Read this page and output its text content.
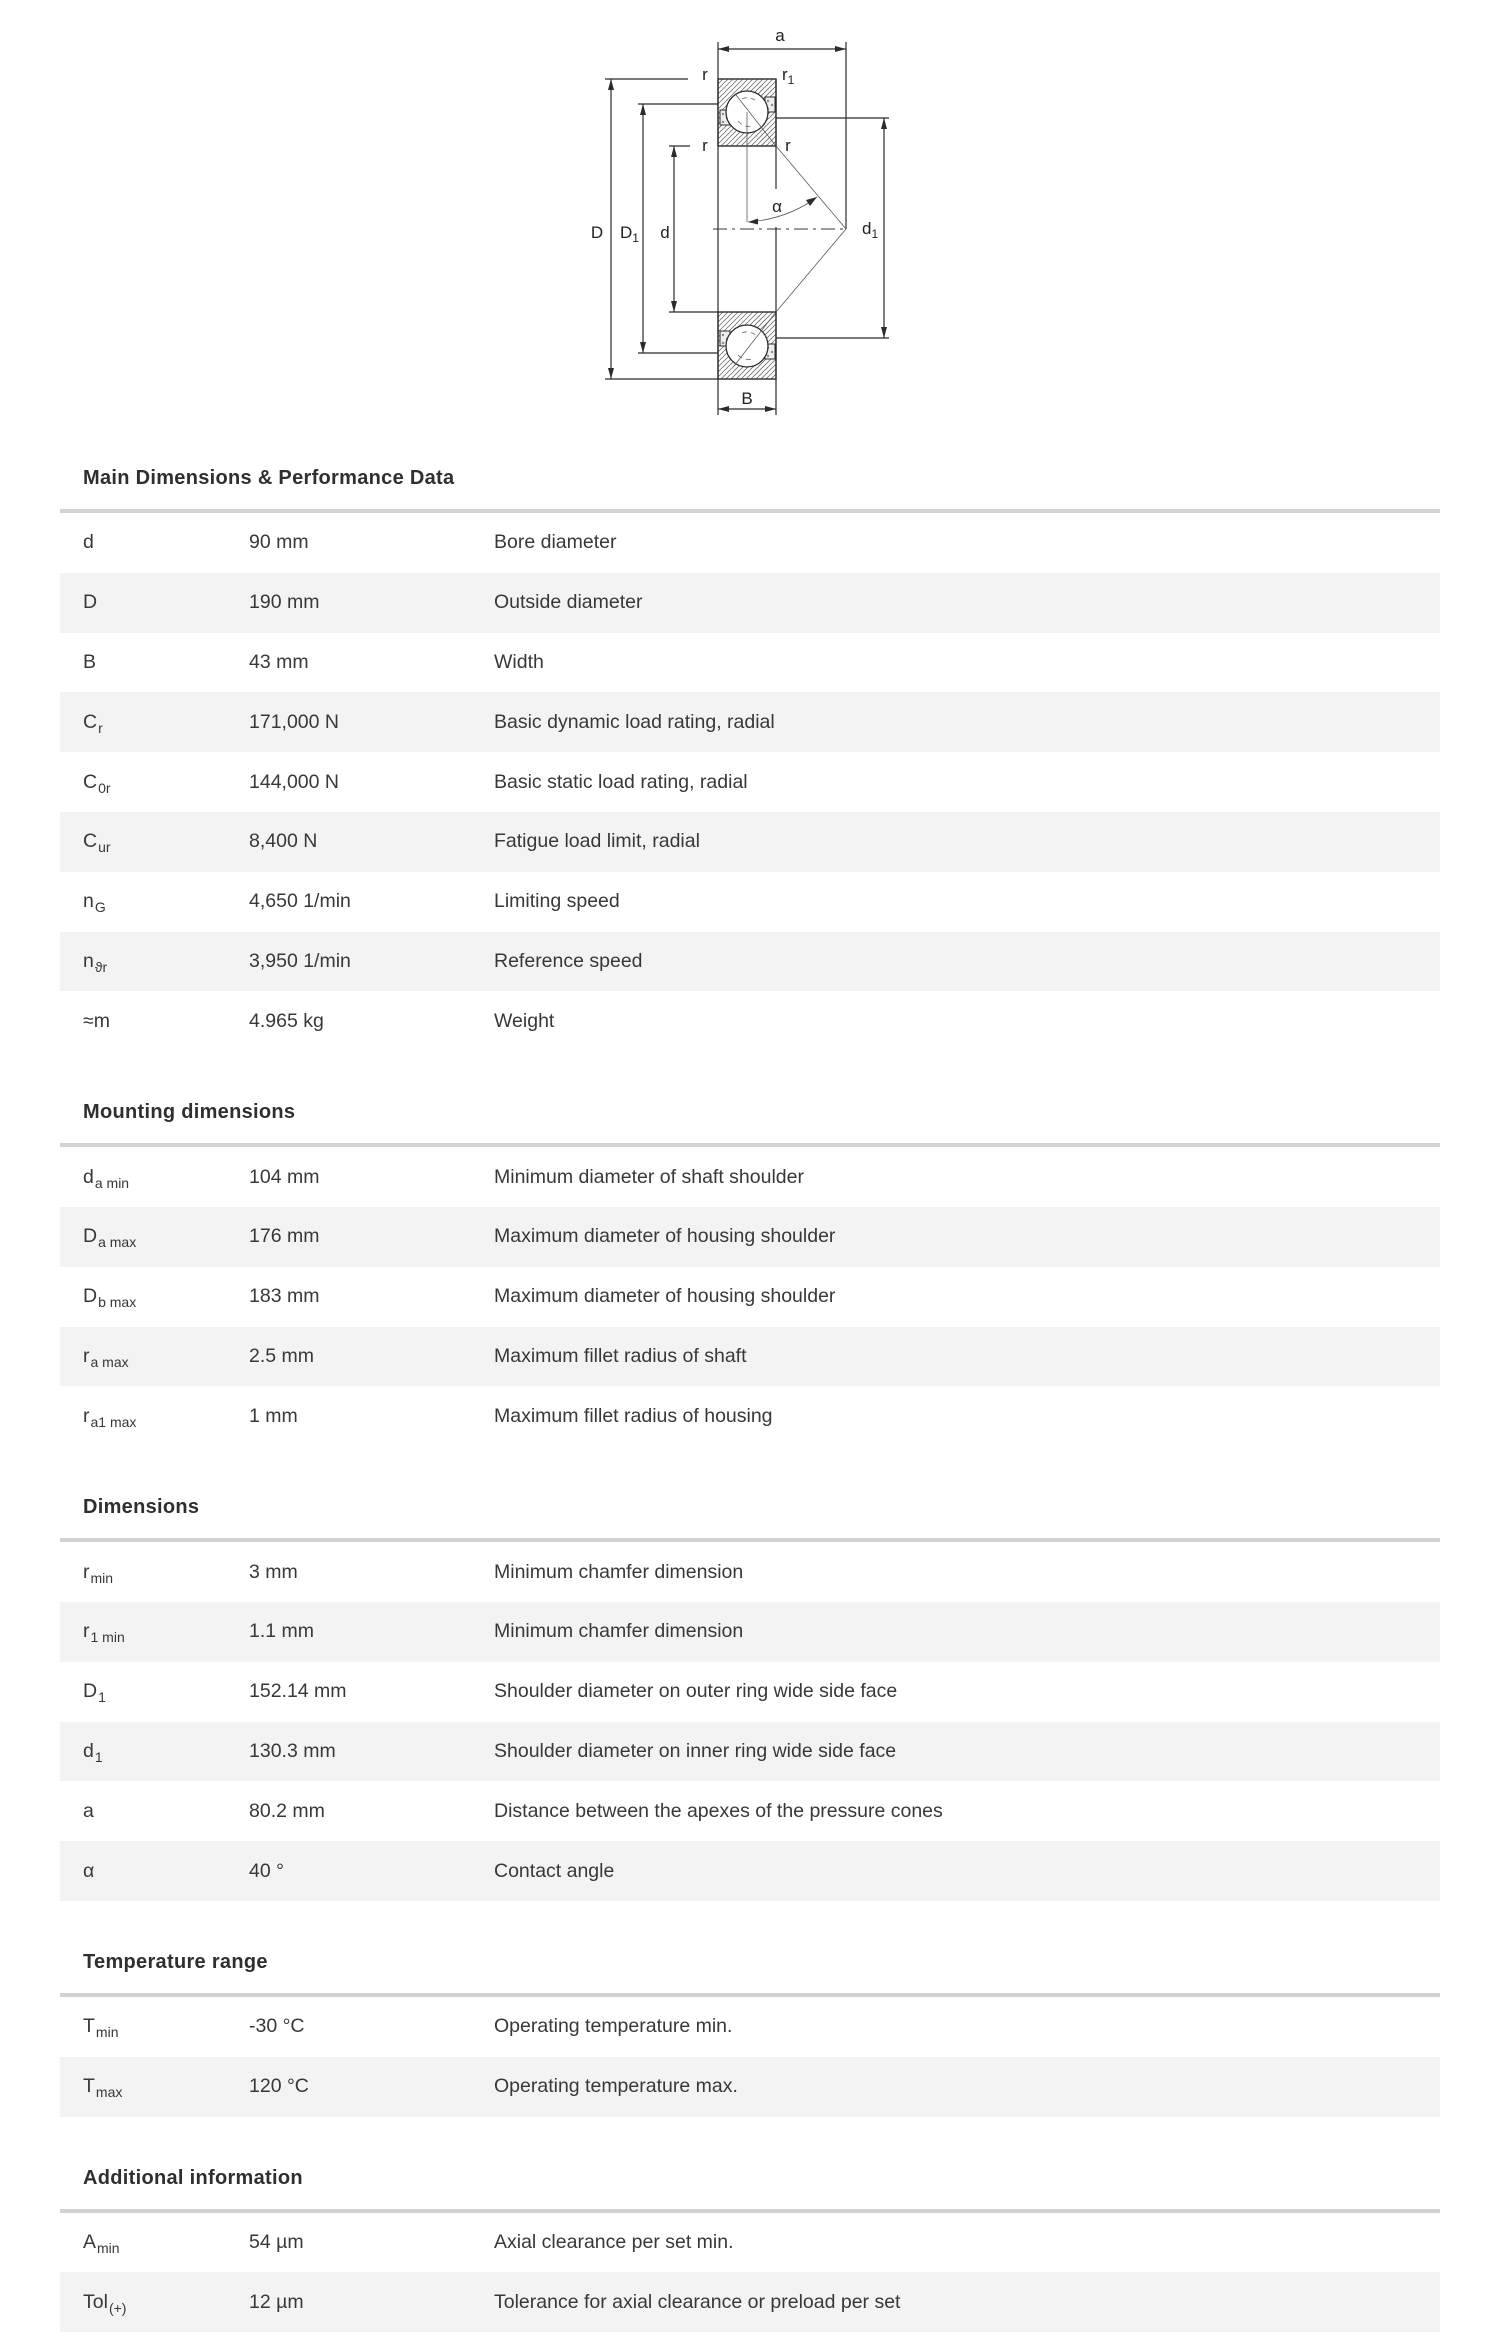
a
r	$r_1$
r	r
D $D_1$ d
α
$d_1$
B
Main Dimensions & Performance Data
d	90 mm	Bore diameter
D	190 mm	Outside diameter
B	43 mm	Width
$C_r$	171,000 N	Basic dynamic load rating, radial
$C_{0r}$	144,000 N	Basic static load rating, radial
$C_{ur}$	8,400 N	Fatigue load limit, radial
$n_G$	4,650 1/min	Limiting speed
$n_{ϑr}$	3,950 1/min	Reference speed
≈m	4.965 kg	Weight
Mounting dimensions
$d_{a min}$	104 mm	Minimum diameter of shaft shoulder
$D_{a max}$	176 mm	Maximum diameter of housing shoulder
$D_{b max}$	183 mm	Maximum diameter of housing shoulder
$r_{a max}$	2.5 mm	Maximum fillet radius of shaft
$r_{a1 max}$	1 mm	Maximum fillet radius of housing
Dimensions
$r_{min}$	3 mm	Minimum chamfer dimension
$r_{1 min}$	1.1 mm	Minimum chamfer dimension
$D_1$	152.14 mm	Shoulder diameter on outer ring wide side face
$d_1$	130.3 mm	Shoulder diameter on inner ring wide side face
a	80.2 mm	Distance between the apexes of the pressure cones
α	40 °	Contact angle
Temperature range
$T_{min}$	-30 °C	Operating temperature min.
$T_{max}$	120 °C	Operating temperature max.
Additional information
$A_{min}$	54 µm	Axial clearance per set min.
Tol$_{(+)}$	12 µm	Tolerance for axial clearance or preload per set
